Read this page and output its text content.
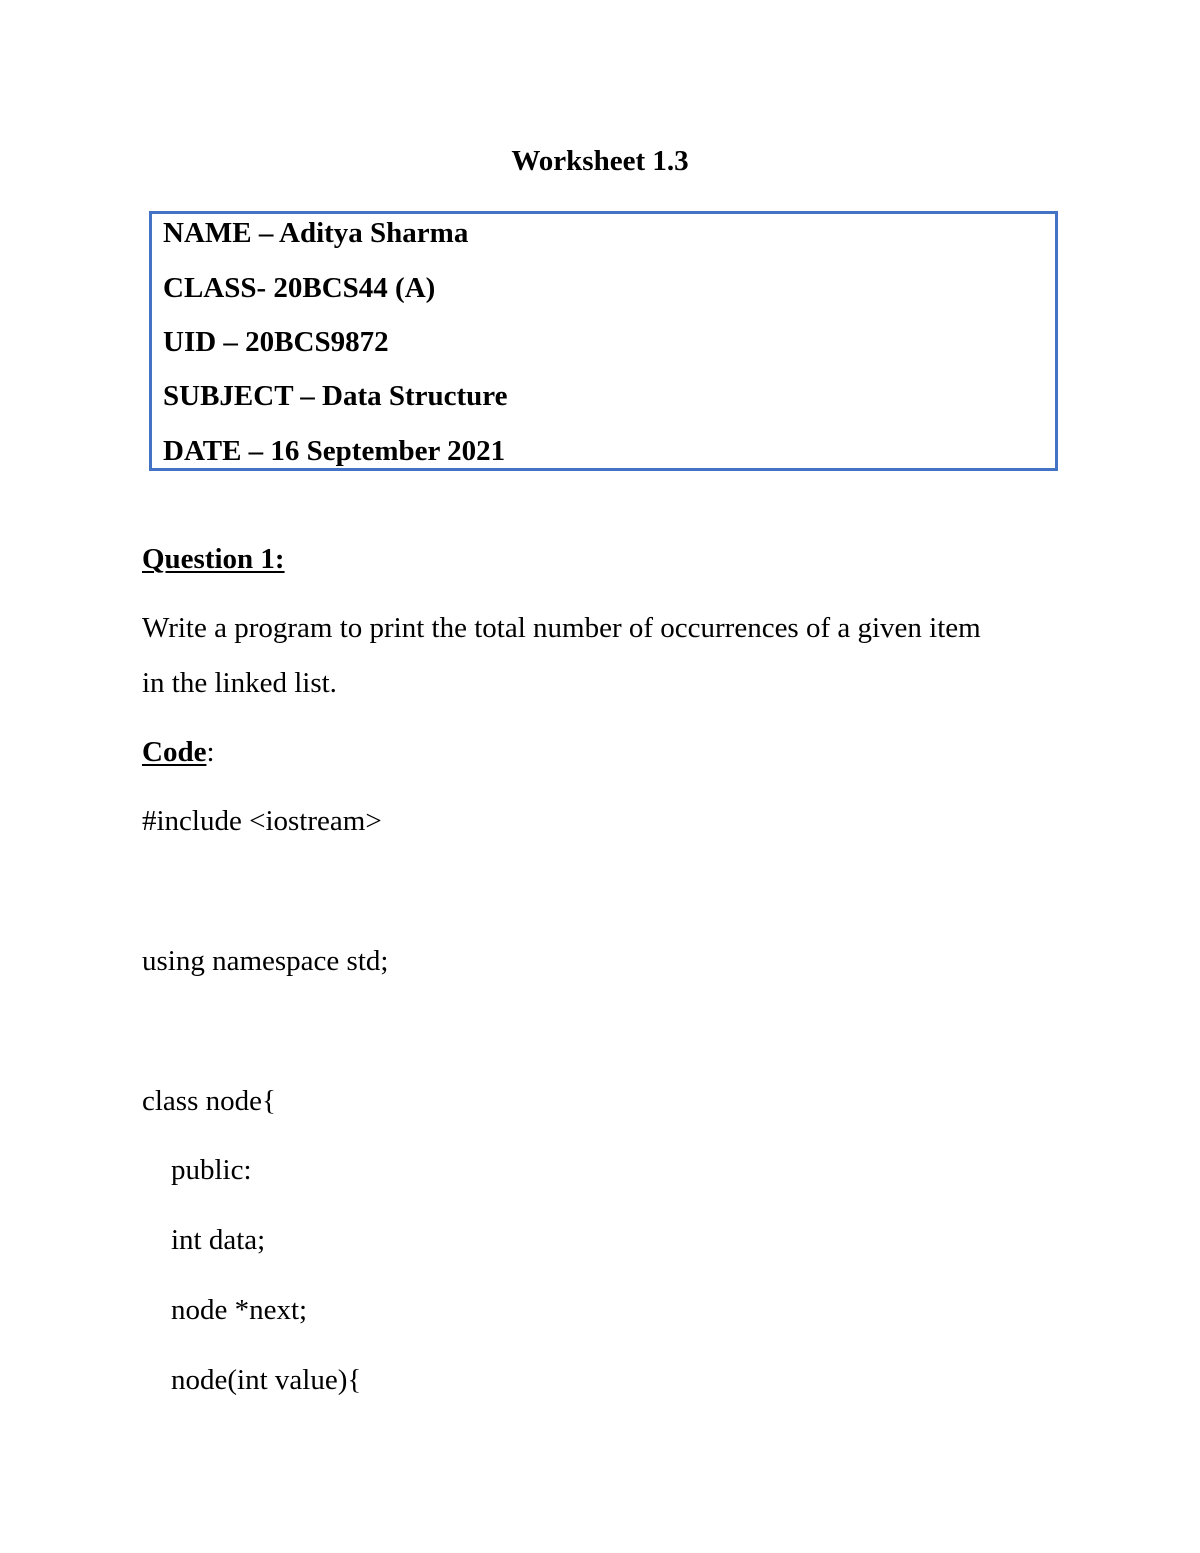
Worksheet 1.3
NAME – Aditya Sharma
CLASS- 20BCS44 (A)
UID – 20BCS9872
SUBJECT – Data Structure
DATE – 16 September 2021
Question 1:
Write a program to print the total number of occurrences of a given item
in the linked list.
Code:
#include <iostream>
using namespace std;
class node{
public:
int data;
node *next;
node(int value){
